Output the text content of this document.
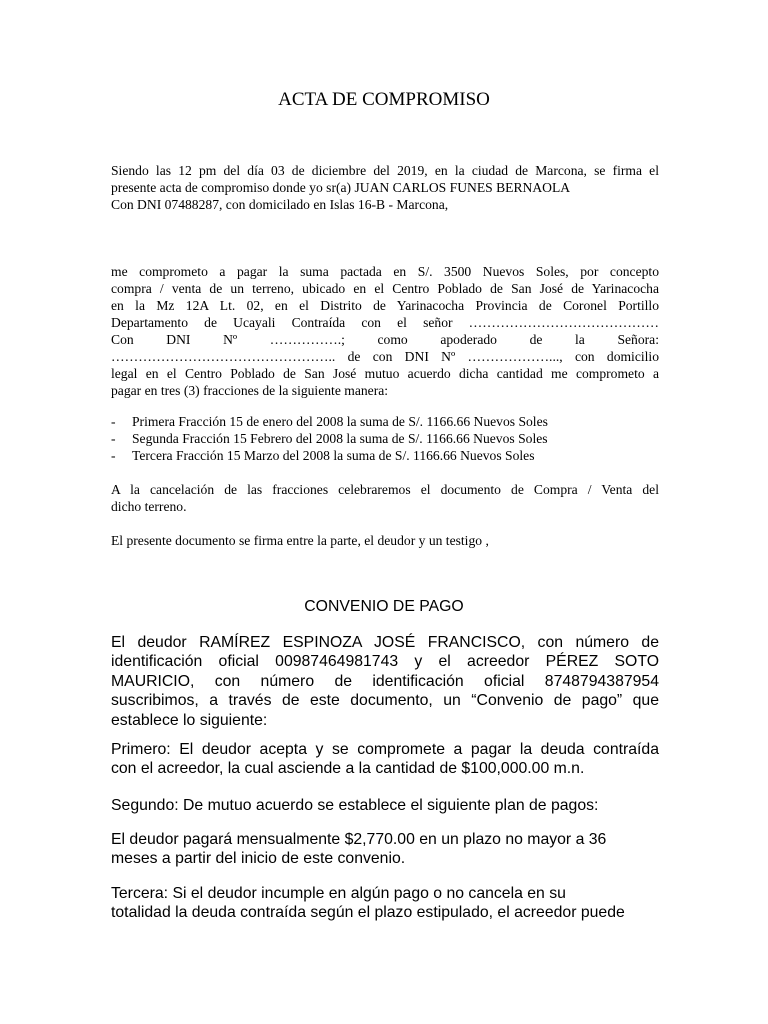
ACTA DE COMPROMISO

Siendo las 12 pm del día 03 de diciembre del 2019, en la ciudad de Marcona, se firma el
presente acta de compromiso donde yo sr(a) JUAN CARLOS FUNES BERNAOLA
Con DNI 07488287, con domicilado en Islas 16-B - Marcona,

me comprometo a pagar la suma pactada en S/. 3500 Nuevos Soles, por concepto
compra / venta de un terreno, ubicado en el Centro Poblado de San José de Yarinacocha
en la Mz 12A Lt. 02, en el Distrito de Yarinacocha Provincia de Coronel Portillo
Departamento de Ucayali Contraída con el señor ……………………………………
Con DNI Nº …………….; como apoderado de la Señora:
………………………………………….. de con DNI Nº ………………..., con domicilio
legal en el Centro Poblado de San José mutuo acuerdo dicha cantidad me comprometo a
pagar en tres (3) fracciones de la siguiente manera:

- Primera Fracción 15 de enero del 2008 la suma de S/. 1166.66 Nuevos Soles
- Segunda Fracción 15 Febrero del 2008 la suma de S/. 1166.66 Nuevos Soles
- Tercera Fracción 15 Marzo del 2008 la suma de S/. 1166.66 Nuevos Soles

A la cancelación de las fracciones celebraremos el documento de Compra / Venta del
dicho terreno.

El presente documento se firma entre la parte, el deudor y un testigo ,

CONVENIO DE PAGO

El deudor RAMÍREZ ESPINOZA JOSÉ FRANCISCO, con número de
identificación oficial 00987464981743 y el acreedor PÉREZ SOTO
MAURICIO, con número de identificación oficial 8748794387954
suscribimos, a través de este documento, un “Convenio de pago” que
establece lo siguiente:

Primero: El deudor acepta y se compromete a pagar la deuda contraída
con el acreedor, la cual asciende a la cantidad de $100,000.00 m.n.

Segundo: De mutuo acuerdo se establece el siguiente plan de pagos:

El deudor pagará mensualmente $2,770.00 en un plazo no mayor a 36
meses a partir del inicio de este convenio.

Tercera: Si el deudor incumple en algún pago o no cancela en su
totalidad la deuda contraída según el plazo estipulado, el acreedor puede
